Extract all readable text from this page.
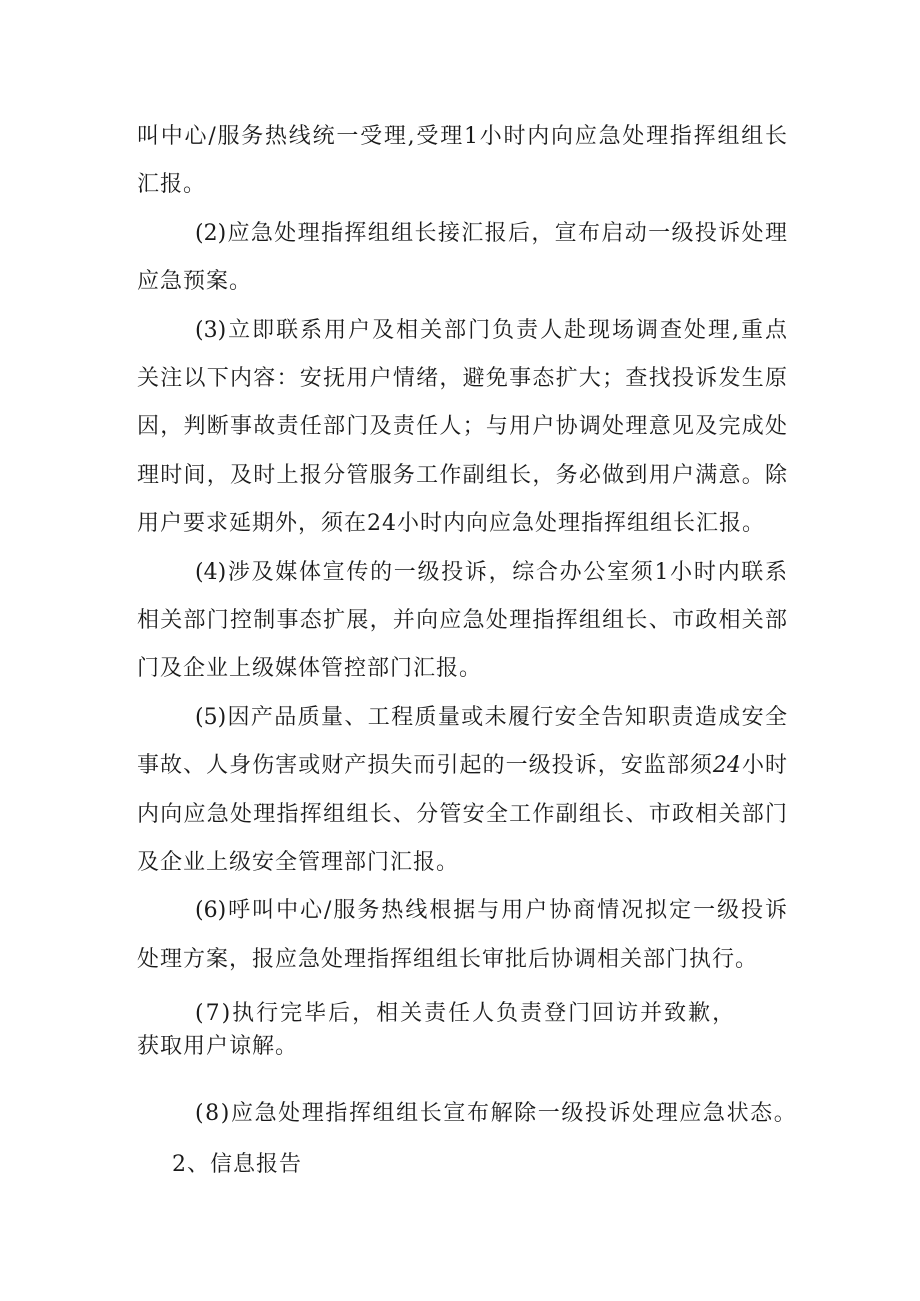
叫中心/服务热线统一受理,受理1小时内向应急处理指挥组组长
汇报。
(2)应急处理指挥组组长接汇报后，宣布启动一级投诉处理
应急预案。
(3)立即联系用户及相关部门负责人赴现场调查处理,重点
关注以下内容：安抚用户情绪，避免事态扩大；查找投诉发生原
因，判断事故责任部门及责任人；与用户协调处理意见及完成处
理时间，及时上报分管服务工作副组长，务必做到用户满意。除
用户要求延期外，须在24小时内向应急处理指挥组组长汇报。
(4)涉及媒体宣传的一级投诉，综合办公室须1小时内联系
相关部门控制事态扩展，并向应急处理指挥组组长、市政相关部
门及企业上级媒体管控部门汇报。
(5)因产品质量、工程质量或未履行安全告知职责造成安全
事故、人身伤害或财产损失而引起的一级投诉，安监部须24小时
内向应急处理指挥组组长、分管安全工作副组长、市政相关部门
及企业上级安全管理部门汇报。
(6)呼叫中心/服务热线根据与用户协商情况拟定一级投诉
处理方案，报应急处理指挥组组长审批后协调相关部门执行。
(7)执行完毕后，相关责任人负责登门回访并致歉，
获取用户谅解。
(8)应急处理指挥组组长宣布解除一级投诉处理应急状态。
2、信息报告
